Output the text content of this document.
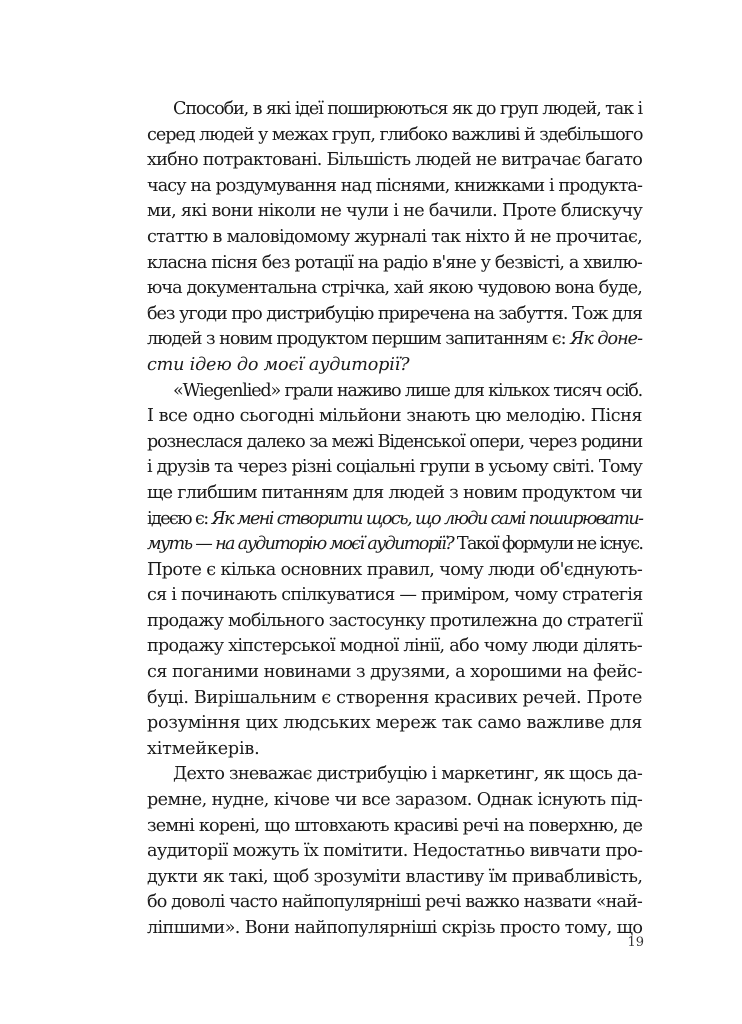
Способи, в які ідеї поширюються як до груп людей, так і
серед людей у межах груп, глибоко важливі й здебільшого
хибно потрактовані. Більшість людей не витрачає багато
часу на роздумування над піснями, книжками і продукта-
ми, які вони ніколи не чули і не бачили. Проте блискучу
статтю в маловідомому журналі так ніхто й не прочитає,
класна пісня без ротації на радіо в'яне у безвісті, а хвилю-
юча документальна стрічка, хай якою чудовою вона буде,
без угоди про дистрибуцію приречена на забуття. Тож для
людей з новим продуктом першим запитанням є: Як доне-
сти ідею до моєї аудиторії?
«Wiegenlied» грали наживо лише для кількох тисяч осіб.
І все одно сьогодні мільйони знають цю мелодію. Пісня
рознеслася далеко за межі Віденської опери, через родини
і друзів та через різні соціальні групи в усьому світі. Тому
ще глибшим питанням для людей з новим продуктом чи
ідеєю є: Як мені створити щось, що люди самі поширювати-
муть — на аудиторію моєї аудиторії? Такої формули не існує.
Проте є кілька основних правил, чому люди об'єднують-
ся і починають спілкуватися — приміром, чому стратегія
продажу мобільного застосунку протилежна до стратегії
продажу хіпстерської модної лінії, або чому люди ділять-
ся поганими новинами з друзями, а хорошими на фейс-
буці. Вирішальним є створення красивих речей. Проте
розуміння цих людських мереж так само важливе для
хітмейкерів.
Дехто зневажає дистрибуцію і маркетинг, як щось да-
ремне, нудне, кічове чи все заразом. Однак існують під-
земні корені, що штовхають красиві речі на поверхню, де
аудиторії можуть їх помітити. Недостатньо вивчати про-
дукти як такі, щоб зрозуміти властиву їм привабливість,
бо доволі часто найпопулярніші речі важко назвати «най-
ліпшими». Вони найпопулярніші скрізь просто тому, що
19
